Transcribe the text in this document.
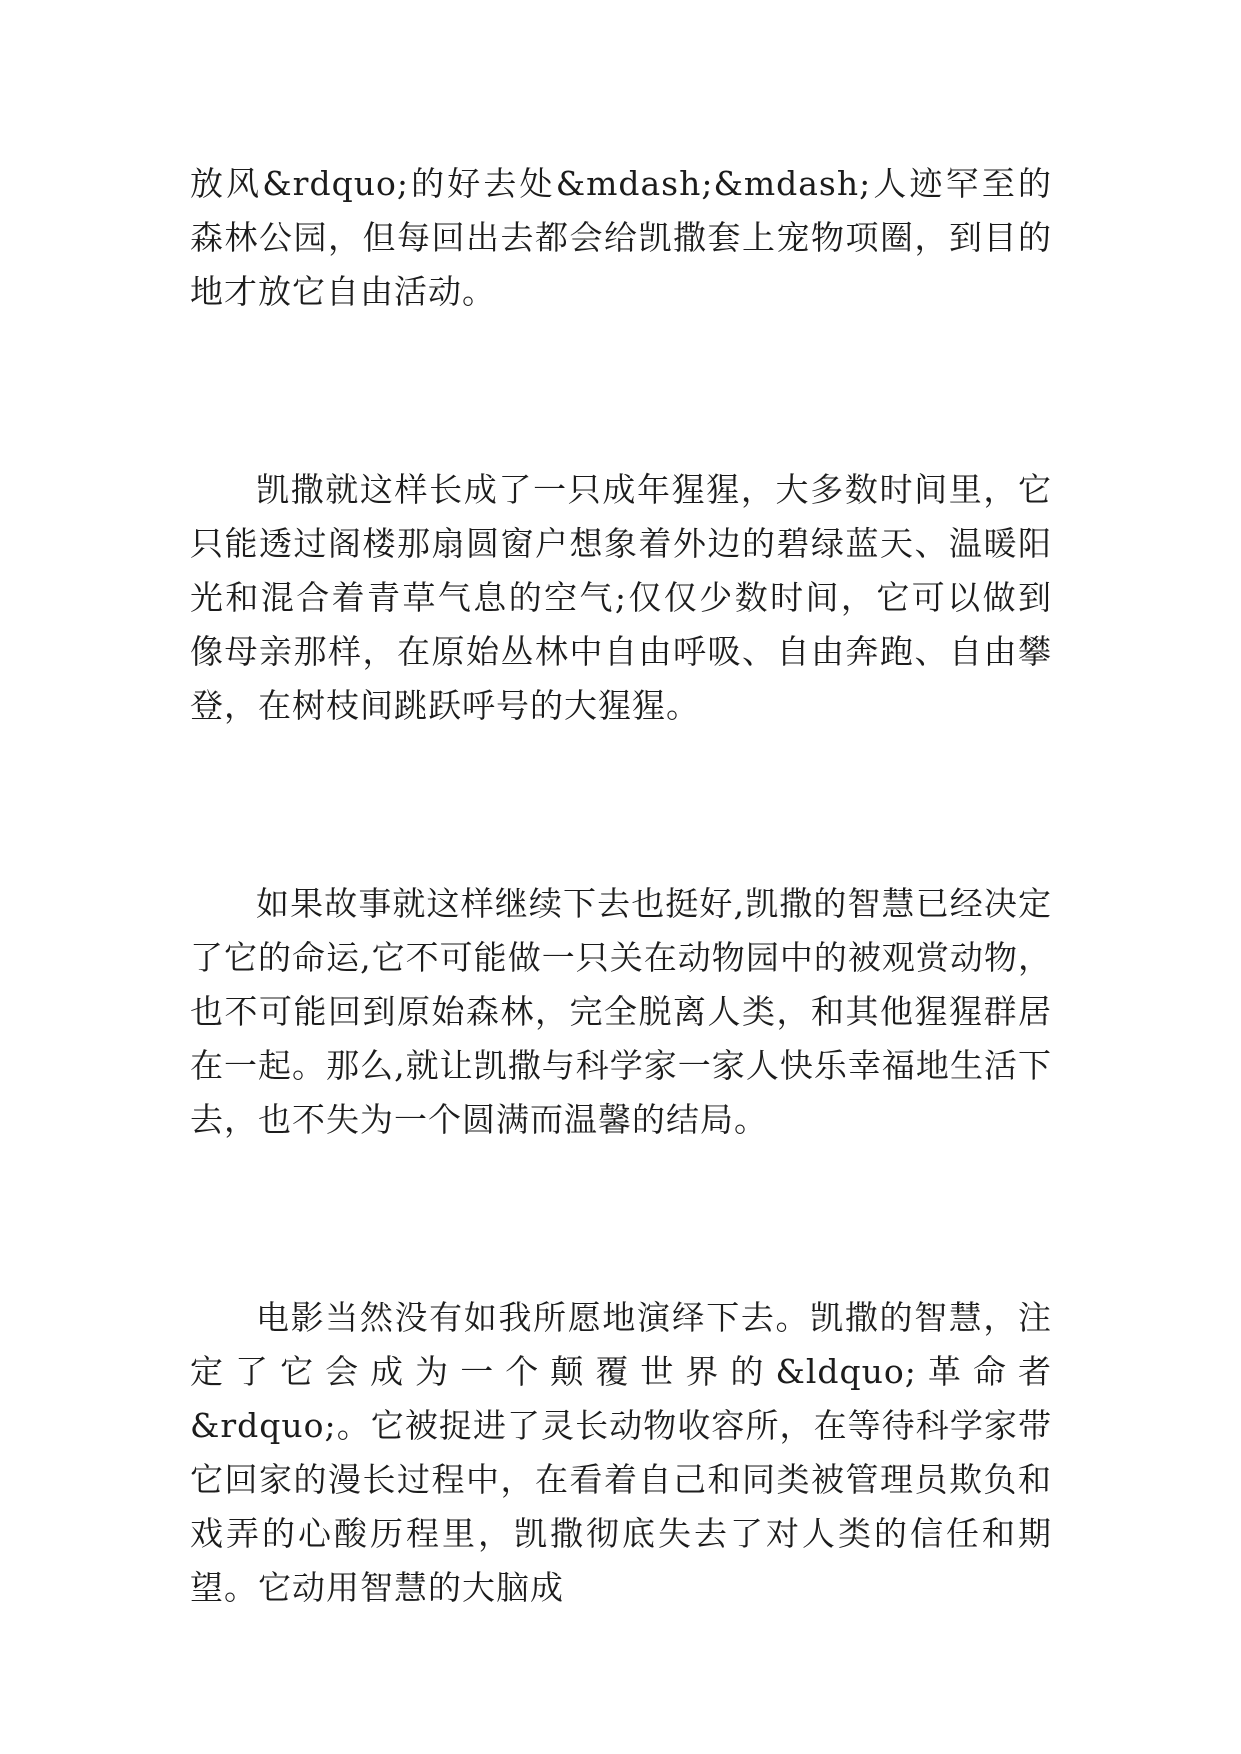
放风&rdquo;的好去处&mdash;&mdash;人迹罕至的森林公园，但每回出去都会给凯撒套上宠物项圈，到目的地才放它自由活动。

凯撒就这样长成了一只成年猩猩，大多数时间里，它只能透过阁楼那扇圆窗户想象着外边的碧绿蓝天、温暖阳光和混合着青草气息的空气;仅仅少数时间，它可以做到像母亲那样，在原始丛林中自由呼吸、自由奔跑、自由攀登，在树枝间跳跃呼号的大猩猩。

如果故事就这样继续下去也挺好,凯撒的智慧已经决定了它的命运,它不可能做一只关在动物园中的被观赏动物，也不可能回到原始森林，完全脱离人类，和其他猩猩群居在一起。那么,就让凯撒与科学家一家人快乐幸福地生活下去，也不失为一个圆满而温馨的结局。

电影当然没有如我所愿地演绎下去。凯撒的智慧，注定了它会成为一个颠覆世界的&ldquo;革命者&rdquo;。它被捉进了灵长动物收容所，在等待科学家带它回家的漫长过程中，在看着自己和同类被管理员欺负和戏弄的心酸历程里，凯撒彻底失去了对人类的信任和期望。它动用智慧的大脑成
